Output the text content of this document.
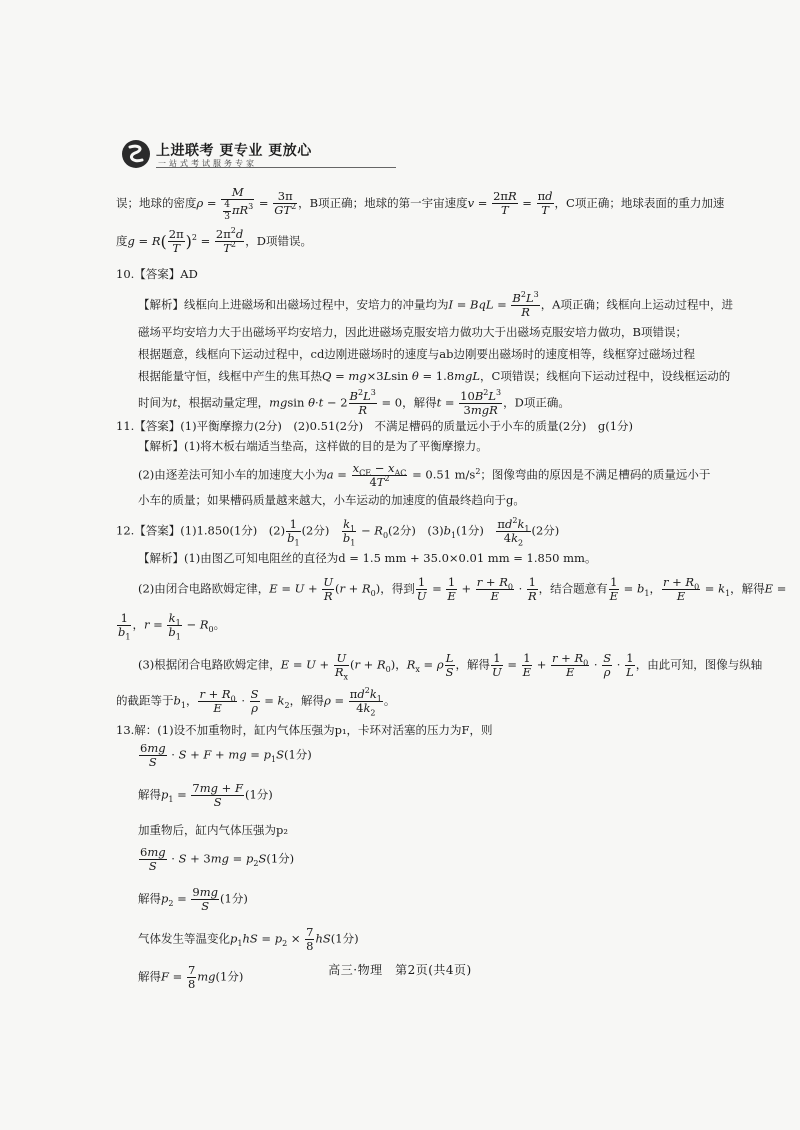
上进联考 更专业 更放心
一站式考试服务专家
误；地球的密度$\rho = \frac{M}{\frac{4}{3} \pi R^3} = \frac{3\pi}{GT^2}$ ，B项正确；地球的第一宇宙速度$v = \frac{2\pi R}{T} = \frac{\pi d}{T}$ ，C项正确；地球表面的重力加速
度$g = R( \frac{2\pi}{T} )^2 = \frac{2\pi^2d}{T^2}$ ，D项错误。
10.【答案】AD
【解析】线框向上进磁场和出磁场过程中，安培力的冲量均为I = BqL = $\frac{B^2L^3}{R}$ ，A项正确；线框向上运动过程中，进
磁场平均安培力大于出磁场平均安培力，因此进磁场克服安培力做功大于出磁场克服安培力做功，B项错误；
根据题意，线框向下运动过程中，cd边刚进磁场时的速度与ab边刚要出磁场时的速度相等，线框穿过磁场过程
根据能量守恒，线框中产生的焦耳热Q = mg×3Lsin θ = 1.8mgL，C项错误；线框向下运动过程中，设线框运动的
时间为t，根据动量定理，mgsin $\theta\cdot t - 2 \frac{B^2L^3}{R} = 0$，解得$t = 10B^2L^3$
3mgR
，D项正确。
11.【答案】(1)平衡摩擦力(2分)　(2)0.51(2分)　不满足槽码的质量远小于小车的质量(2分)　g(1分)
【解析】(1)将木板右端适当垫高，这样做的目的是为了平衡摩擦力。
(2)由逐差法可知小车的加速度大小为$a = x_{CE} - x_{AC}$
$4T^2$	= 0.51 $m/s^2$；图像弯曲的原因是不满足槽码的质量远小于
小车的质量；如果槽码质量越来越大，小车运动的加速度的值最终趋向于g。
12.【答案】(1)1.850(1分)　$(2) \frac{1}{b_1} (2$分)　 $\frac{k_1}{b_1} - R_0(2$分)　$(3)b_1(1$分)　 $\frac{\pi d^2k_1}{4k_2} (2$分)
【解析】(1)由图乙可知电阻丝的直径为d = 1.5 mm + 35.0×0.01 mm = 1.850 mm。
(2)由闭合电路欧姆定律，$E = U + \frac{U}{R} (r + R_0)$，得到 $\frac{1}{U} = \frac{1}{E} + \frac{r + R_0}{E} \cdot \frac{1}{R}$ ，结合题意有 $\frac{1}{E} = b_1$， $\frac{r + R_0}{E} = k_1$，解得E =
$\frac{1}{b_1}$ ，$r = \frac{k_1}{b_1} - R_0$。
(3)根据闭合电路欧姆定律，$E = U + \frac{U}{R_x} (r + R_0)$，$R_x = \rho \frac{L}{S}$ ，解得 $\frac{1}{U} = \frac{1}{E} + \frac{r + R_0}{E} \cdot \frac{S}{\rho} \cdot \frac{1}{L}$ ，由此可知，图像与纵轴
的截距等于$b_1$， $\frac{r + R_0}{E} \cdot \frac{S}{\rho} = k_2$，解得$\rho = \frac{\pi d^2k_1}{4k_2}$ 。
13.解：(1)设不加重物时，缸内气体压强为p₁，卡环对活塞的压力为F，则
$\frac{6mg}{S} \cdot S + F$ + mg = $p_1S(1$分)
解得$p_1 = \frac{7mg + F}{S} (1$分)
加重物后，缸内气体压强为p₂
$\frac{6mg}{S} \cdot S + 3mg = p_2S(1$分)
解得$p_2 = \frac{9mg}{S} (1$分)
气体发生等温变化$p_1hS = p_2 \times \frac{7}{8} hS(1$分)
解得$F = \frac{7}{8} mg(1$分)	高三·物理　第2页(共4页)
